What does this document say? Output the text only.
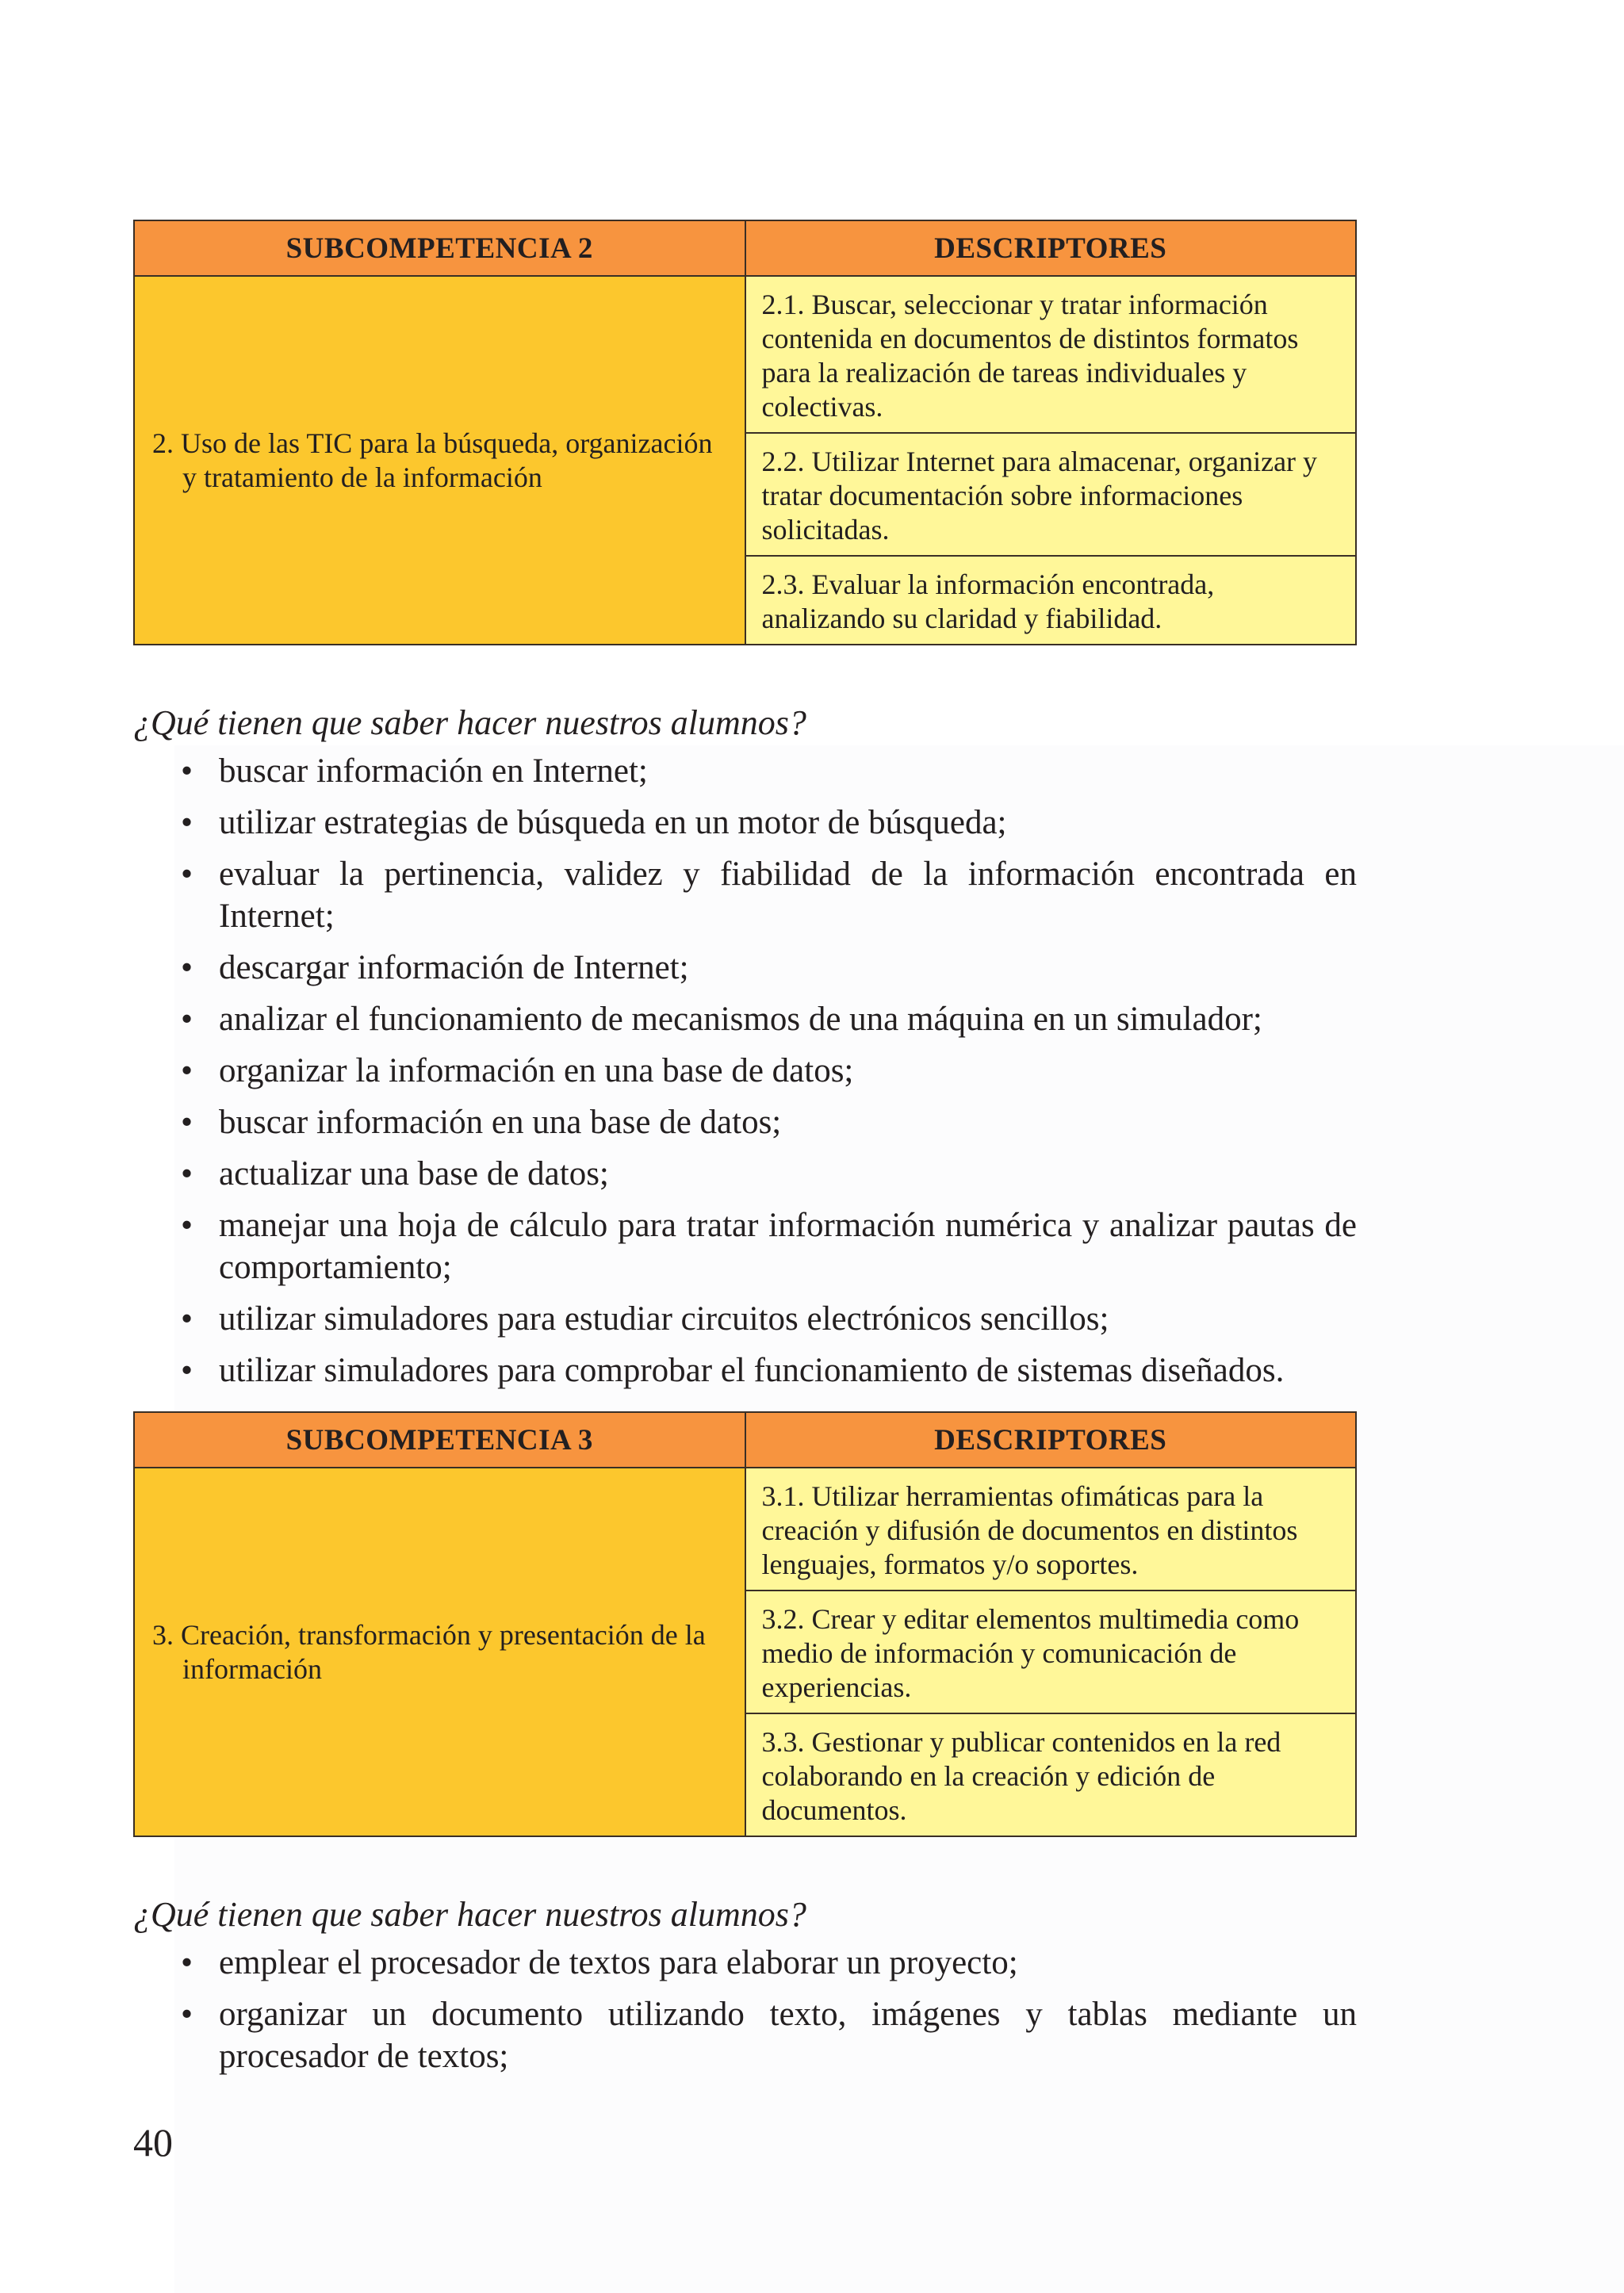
SUBCOMPETENCIA 2	DESCRIPTORES
2. Uso de las TIC para la búsqueda, organización y tratamiento de la información	2.1. Buscar, seleccionar y tratar información contenida en documentos de distintos formatos para la realización de tareas individuales y colectivas.
	2.2. Utilizar Internet para almacenar, organizar y tratar documentación sobre informaciones solicitadas.
	2.3. Evaluar la información encontrada, analizando su claridad y fiabilidad.

¿Qué tienen que saber hacer nuestros alumnos?

• buscar información en Internet;
• utilizar estrategias de búsqueda en un motor de búsqueda;
• evaluar la pertinencia, validez y fiabilidad de la información encontrada en Internet;
• descargar información de Internet;
• analizar el funcionamiento de mecanismos de una máquina en un simulador;
• organizar la información en una base de datos;
• buscar información en una base de datos;
• actualizar una base de datos;
• manejar una hoja de cálculo para tratar información numérica y analizar pautas de comportamiento;
• utilizar simuladores para estudiar circuitos electrónicos sencillos;
• utilizar simuladores para comprobar el funcionamiento de sistemas diseñados.
SUBCOMPETENCIA 3	DESCRIPTORES
3. Creación, transformación y presentación de la información	3.1. Utilizar herramientas ofimáticas para la creación y difusión de documentos en distintos lenguajes, formatos y/o soportes.
	3.2. Crear y editar elementos multimedia como medio de información y comunicación de experiencias.
	3.3. Gestionar y publicar contenidos en la red colaborando en la creación y edición de documentos.

¿Qué tienen que saber hacer nuestros alumnos?

• emplear el procesador de textos para elaborar un proyecto;
• organizar un documento utilizando texto, imágenes y tablas mediante un procesador de textos;
40
